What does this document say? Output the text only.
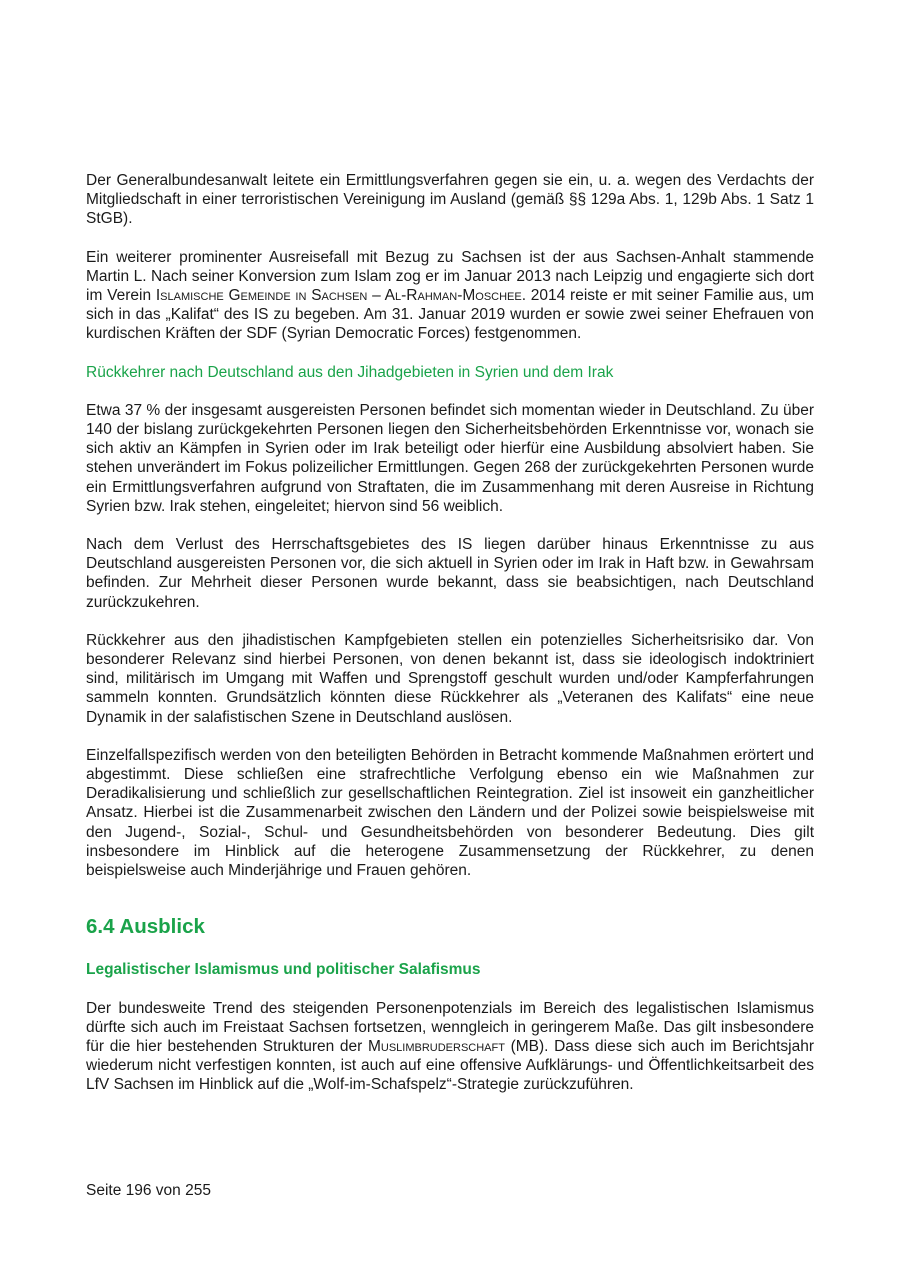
Der Generalbundesanwalt leitete ein Ermittlungsverfahren gegen sie ein, u. a. wegen des Verdachts der Mitgliedschaft in einer terroristischen Vereinigung im Ausland (gemäß §§ 129a Abs. 1, 129b Abs. 1 Satz 1 StGB).

Ein weiterer prominenter Ausreisefall mit Bezug zu Sachsen ist der aus Sachsen-Anhalt stammende Martin L. Nach seiner Konversion zum Islam zog er im Januar 2013 nach Leipzig und engagierte sich dort im Verein Islamische Gemeinde in Sachsen – Al-Rahman-Moschee. 2014 reiste er mit seiner Familie aus, um sich in das „Kalifat“ des IS zu begeben. Am 31. Januar 2019 wurden er sowie zwei seiner Ehefrauen von kurdischen Kräften der SDF (Syrian Democratic Forces) festgenommen.

Rückkehrer nach Deutschland aus den Jihadgebieten in Syrien und dem Irak

Etwa 37 % der insgesamt ausgereisten Personen befindet sich momentan wieder in Deutschland. Zu über 140 der bislang zurückgekehrten Personen liegen den Sicherheitsbehörden Erkenntnisse vor, wonach sie sich aktiv an Kämpfen in Syrien oder im Irak beteiligt oder hierfür eine Ausbildung absolviert haben. Sie stehen unverändert im Fokus polizeilicher Ermittlungen. Gegen 268 der zurückgekehrten Personen wurde ein Ermittlungsverfahren aufgrund von Straftaten, die im Zusammenhang mit deren Ausreise in Richtung Syrien bzw. Irak stehen, eingeleitet; hiervon sind 56 weiblich.

Nach dem Verlust des Herrschaftsgebietes des IS liegen darüber hinaus Erkenntnisse zu aus Deutschland ausgereisten Personen vor, die sich aktuell in Syrien oder im Irak in Haft bzw. in Gewahrsam befinden. Zur Mehrheit dieser Personen wurde bekannt, dass sie beabsichtigen, nach Deutschland zurückzukehren.

Rückkehrer aus den jihadistischen Kampfgebieten stellen ein potenzielles Sicherheitsrisiko dar. Von besonderer Relevanz sind hierbei Personen, von denen bekannt ist, dass sie ideologisch indoktriniert sind, militärisch im Umgang mit Waffen und Sprengstoff geschult wurden und/oder Kampferfahrungen sammeln konnten. Grundsätzlich könnten diese Rückkehrer als „Veteranen des Kalifats“ eine neue Dynamik in der salafistischen Szene in Deutschland auslösen.

Einzelfallspezifisch werden von den beteiligten Behörden in Betracht kommende Maßnahmen erörtert und abgestimmt. Diese schließen eine strafrechtliche Verfolgung ebenso ein wie Maßnahmen zur Deradikalisierung und schließlich zur gesellschaftlichen Reintegration. Ziel ist insoweit ein ganzheitlicher Ansatz. Hierbei ist die Zusammenarbeit zwischen den Ländern und der Polizei sowie beispielsweise mit den Jugend-, Sozial-, Schul- und Gesundheitsbehörden von besonderer Bedeutung. Dies gilt insbesondere im Hinblick auf die heterogene Zusammensetzung der Rückkehrer, zu denen beispielsweise auch Minderjährige und Frauen gehören.

6.4 Ausblick
Legalistischer Islamismus und politischer Salafismus

Der bundesweite Trend des steigenden Personenpotenzials im Bereich des legalistischen Islamismus dürfte sich auch im Freistaat Sachsen fortsetzen, wenngleich in geringerem Maße. Das gilt insbesondere für die hier bestehenden Strukturen der Muslimbruderschaft (MB). Dass diese sich auch im Berichtsjahr wiederum nicht verfestigen konnten, ist auch auf eine offensive Aufklärungs- und Öffentlichkeitsarbeit des LfV Sachsen im Hinblick auf die „Wolf-im-Schafspelz“-Strategie zurückzuführen.

Seite 196 von 255
